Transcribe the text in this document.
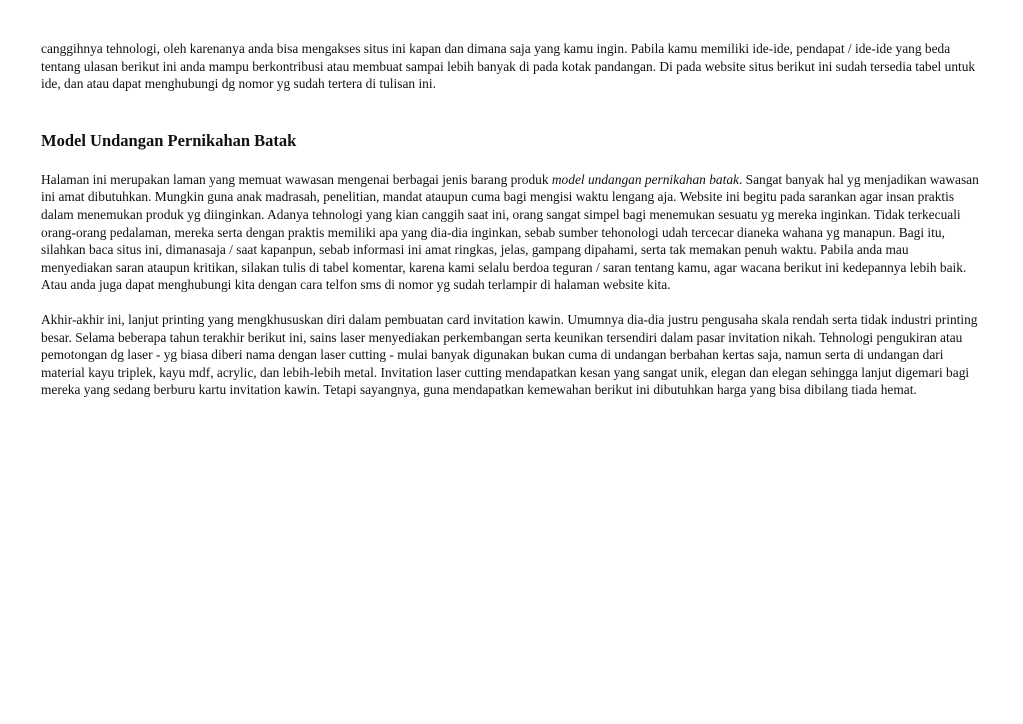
canggihnya tehnologi, oleh karenanya anda bisa mengakses situs ini kapan dan dimana saja yang kamu ingin. Pabila kamu memiliki ide-ide, pendapat / ide-ide yang beda tentang ulasan berikut ini anda mampu berkontribusi atau membuat sampai lebih banyak di pada kotak pandangan. Di pada website situs berikut ini sudah tersedia tabel untuk ide, dan atau dapat menghubungi dg nomor yg sudah tertera di tulisan ini.

Model Undangan Pernikahan Batak

Halaman ini merupakan laman yang memuat wawasan mengenai berbagai jenis barang produk model undangan pernikahan batak. Sangat banyak hal yg menjadikan wawasan ini amat dibutuhkan. Mungkin guna anak madrasah, penelitian, mandat ataupun cuma bagi mengisi waktu lengang aja. Website ini begitu pada sarankan agar insan praktis dalam menemukan produk yg diinginkan. Adanya tehnologi yang kian canggih saat ini, orang sangat simpel bagi menemukan sesuatu yg mereka inginkan. Tidak terkecuali orang-orang pedalaman, mereka serta dengan praktis memiliki apa yang dia-dia inginkan, sebab sumber tehonologi udah tercecar dianeka wahana yg manapun. Bagi itu, silahkan baca situs ini, dimanasaja / saat kapanpun, sebab informasi ini amat ringkas, jelas, gampang dipahami, serta tak memakan penuh waktu. Pabila anda mau menyediakan saran ataupun kritikan, silakan tulis di tabel komentar, karena kami selalu berdoa teguran / saran tentang kamu, agar wacana berikut ini kedepannya lebih baik. Atau anda juga dapat menghubungi kita dengan cara telfon sms di nomor yg sudah terlampir di halaman website kita.

Akhir-akhir ini, lanjut printing yang mengkhususkan diri dalam pembuatan card invitation kawin. Umumnya dia-dia justru pengusaha skala rendah serta tidak industri printing besar. Selama beberapa tahun terakhir berikut ini, sains laser menyediakan perkembangan serta keunikan tersendiri dalam pasar invitation nikah. Tehnologi pengukiran atau pemotongan dg laser - yg biasa diberi nama dengan laser cutting - mulai banyak digunakan bukan cuma di undangan berbahan kertas saja, namun serta di undangan dari material kayu triplek, kayu mdf, acrylic, dan lebih-lebih metal. Invitation laser cutting mendapatkan kesan yang sangat unik, elegan dan elegan sehingga lanjut digemari bagi mereka yang sedang berburu kartu invitation kawin. Tetapi sayangnya, guna mendapatkan kemewahan berikut ini dibutuhkan harga yang bisa dibilang tiada hemat.
